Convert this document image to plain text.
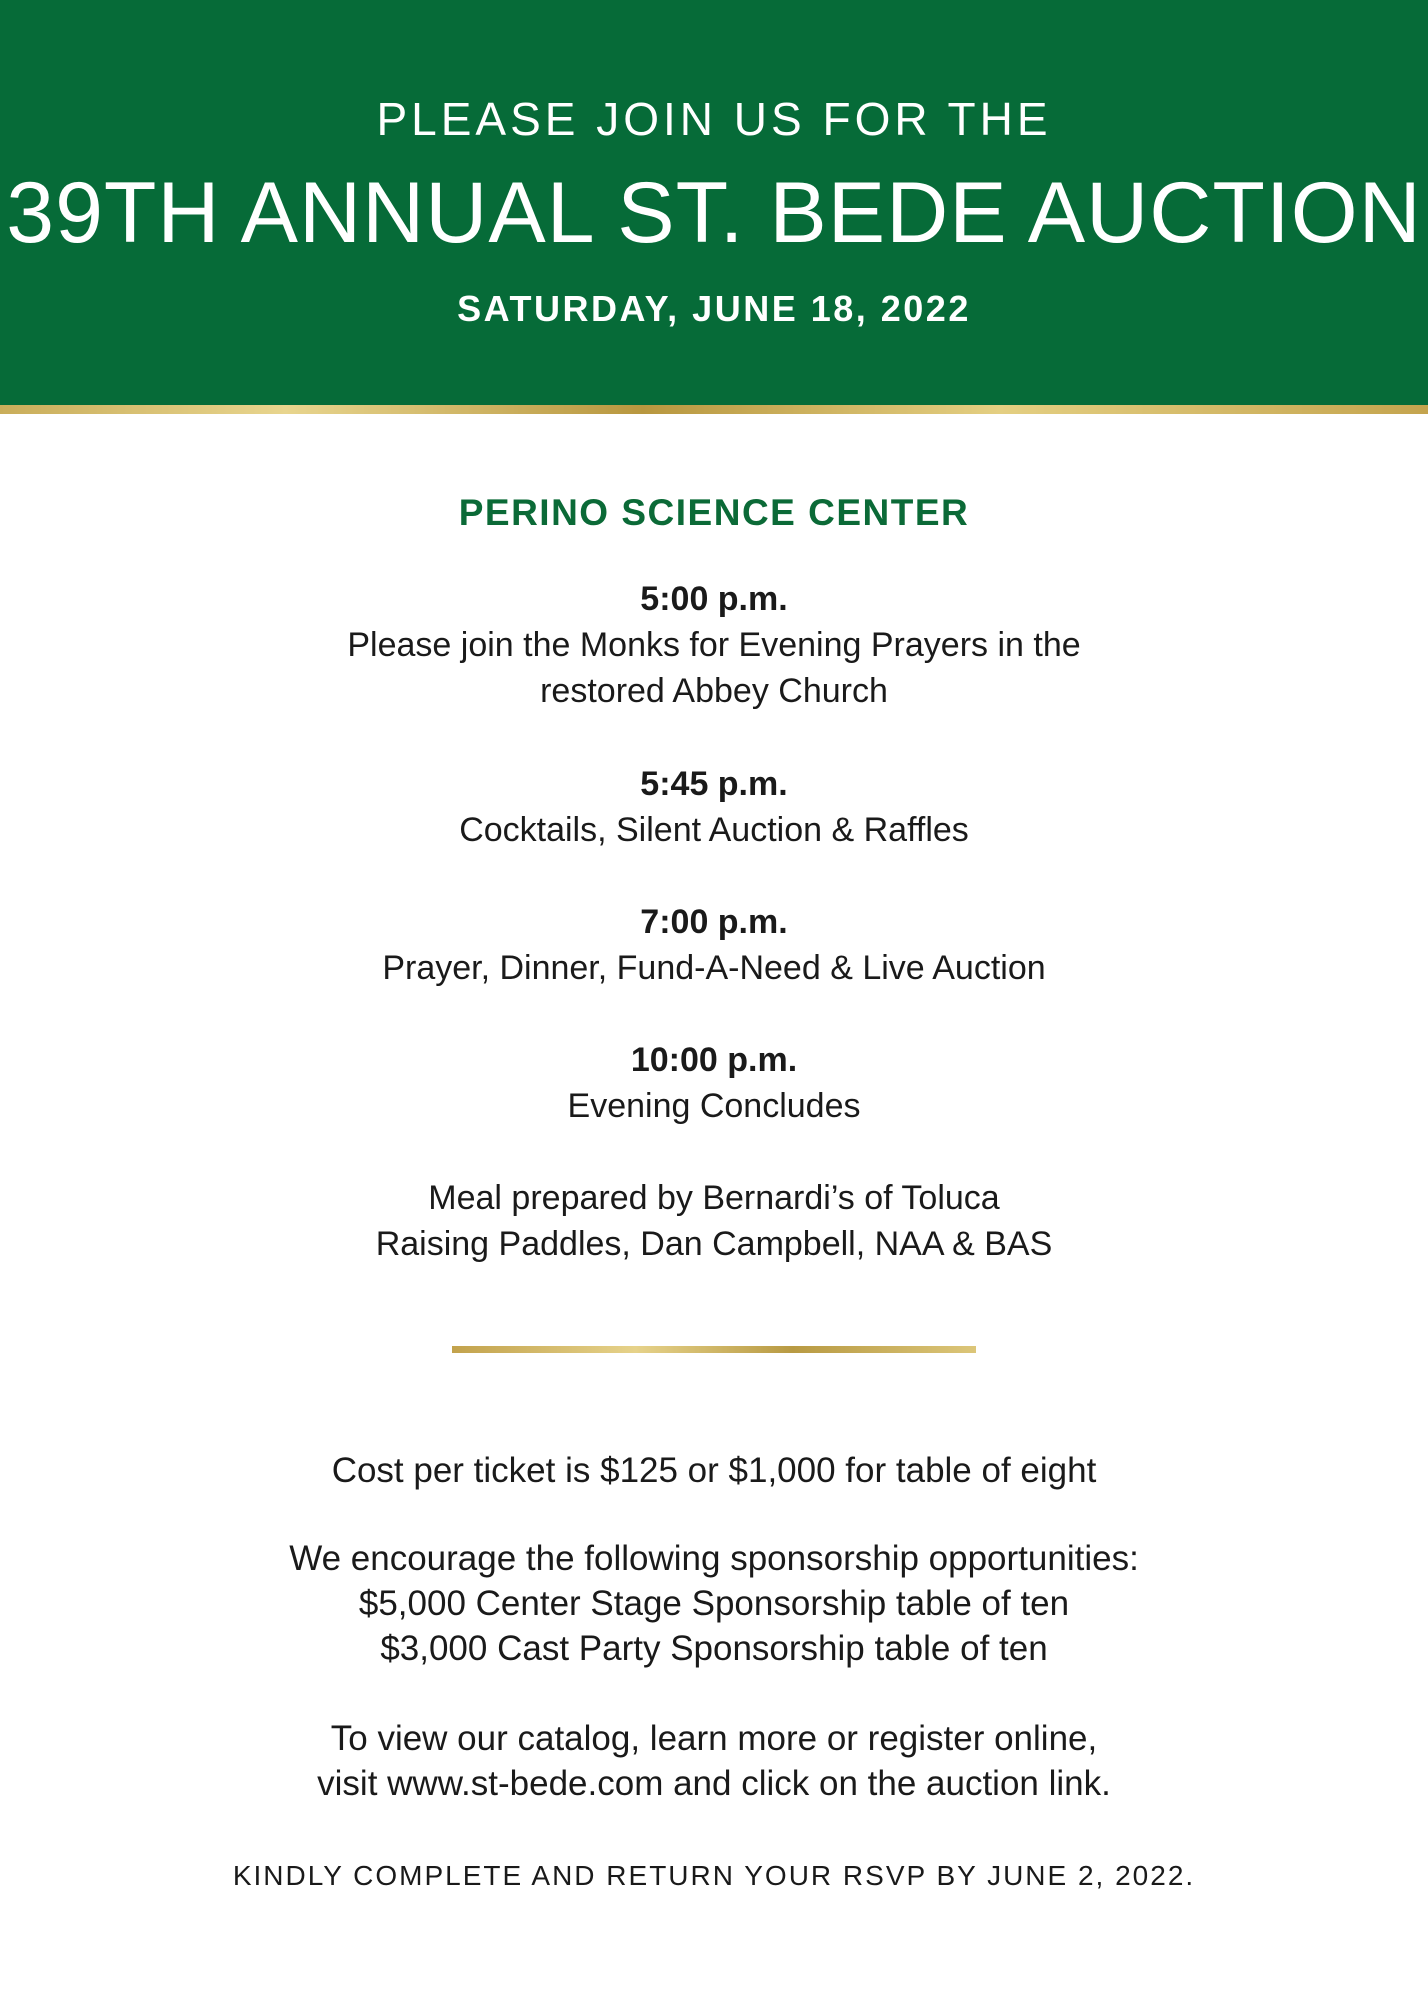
PLEASE JOIN US FOR THE
39TH ANNUAL ST. BEDE AUCTION
SATURDAY, JUNE 18, 2022
PERINO SCIENCE CENTER
5:00 p.m.
Please join the Monks for Evening Prayers in the
restored Abbey Church
5:45 p.m.
Cocktails, Silent Auction & Raffles
7:00 p.m.
Prayer, Dinner, Fund-A-Need & Live Auction
10:00 p.m.
Evening Concludes
Meal prepared by Bernardi’s of Toluca
Raising Paddles, Dan Campbell, NAA & BAS
Cost per ticket is $125 or $1,000 for table of eight
We encourage the following sponsorship opportunities:
$5,000 Center Stage Sponsorship table of ten
$3,000 Cast Party Sponsorship table of ten
To view our catalog, learn more or register online,
visit www.st-bede.com and click on the auction link.
KINDLY COMPLETE AND RETURN YOUR RSVP BY JUNE 2, 2022.
